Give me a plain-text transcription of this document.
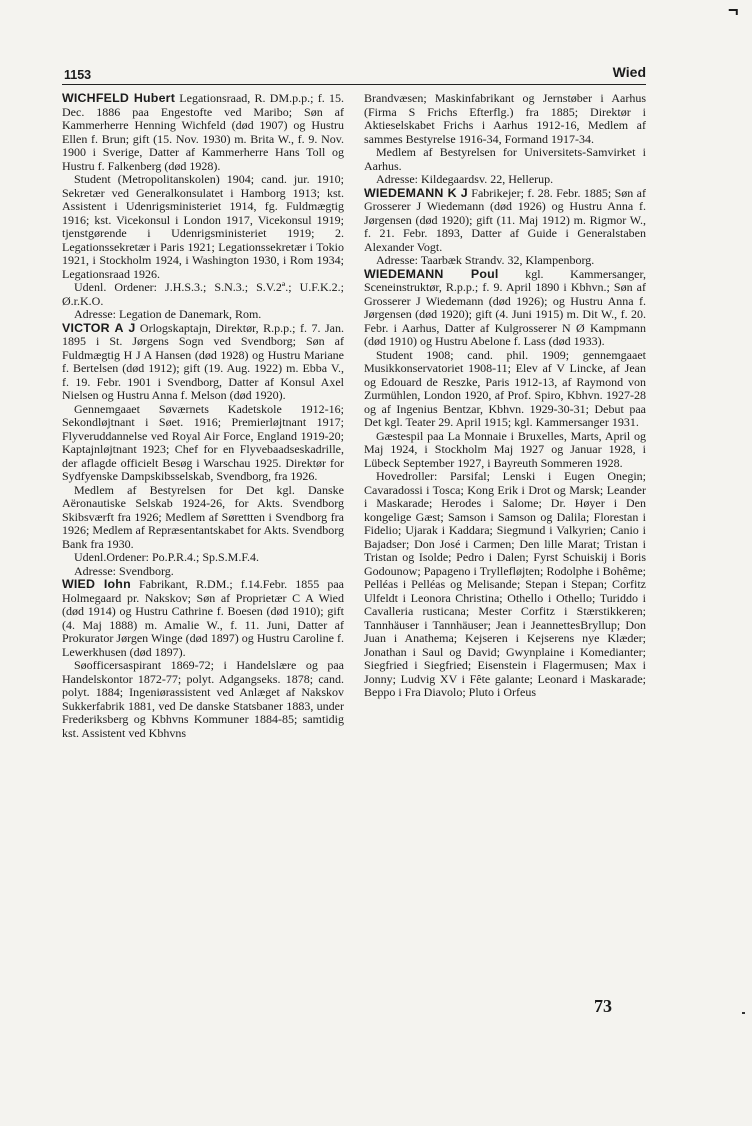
¬
1153	Wied

WICHFELD Hubert Legationsraad, R. DM.p.p.; f. 15. Dec. 1886 paa Engestofte ved Maribo; Søn af Kammerherre Henning Wichfeld (død 1907) og Hustru Ellen f. Brun; gift (15. Nov. 1930) m. Brita W., f. 9. Nov. 1900 i Sverige, Datter af Kammerherre Hans Toll og Hustru f. Falkenberg (død 1928).

Student (Metropolitanskolen) 1904; cand. jur. 1910; Sekretær ved Generalkonsulatet i Hamborg 1913; kst. Assistent i Udenrigsministeriet 1914, fg. Fuldmægtig 1916; kst. Vicekonsul i London 1917, Vicekonsul 1919; tjenstgørende i Udenrigsministeriet 1919; 2. Legationssekretær i Paris 1921; Legationssekretær i Tokio 1921, i Stockholm 1924, i Washington 1930, i Rom 1934; Legationsraad 1926.

Udenl. Ordener: J.H.S.3.; S.N.3.; S.V.2ª.; U.F.K.2.; Ø.r.K.O.

Adresse: Legation de Danemark, Rom.

VICTOR A J Orlogskaptajn, Direktør, R.p.p.; f. 7. Jan. 1895 i St. Jørgens Sogn ved Svendborg; Søn af Fuldmægtig H J A Hansen (død 1928) og Hustru Mariane f. Bertelsen (død 1912); gift (19. Aug. 1922) m. Ebba V., f. 19. Febr. 1901 i Svendborg, Datter af Konsul Axel Nielsen og Hustru Anna f. Melson (død 1920).

Gennemgaaet Søværnets Kadetskole 1912-16; Sekondløjtnant i Søet. 1916; Premierløjtnant 1917; Flyveruddannelse ved Royal Air Force, England 1919-20; Kaptajnløjtnant 1923; Chef for en Flyvebaadseskadrille, der aflagde officielt Besøg i Warschau 1925. Direktør for Sydfyenske Dampskibsselskab, Svendborg, fra 1926.

Medlem af Bestyrelsen for Det kgl. Danske Aëronautiske Selskab 1924-26, for Akts. Svendborg Skibsværft fra 1926; Medlem af Sørettten i Svendborg fra 1926; Medlem af Repræsentantskabet for Akts. Svendborg Bank fra 1930.

Udenl.Ordener: Po.P.R.4.; Sp.S.M.F.4.

Adresse: Svendborg.

WIED Iohn Fabrikant, R.DM.; f.14.Febr. 1855 paa Holmegaard pr. Nakskov; Søn af Proprietær C A Wied (død 1914) og Hustru Cathrine f. Boesen (død 1910); gift (4. Maj 1888) m. Amalie W., f. 11. Juni, Datter af Prokurator Jørgen Winge (død 1897) og Hustru Caroline f. Lewerkhusen (død 1897).

Søofficersaspirant 1869-72; i Handelslære og paa Handelskontor 1872-77; polyt. Adgangseks. 1878; cand. polyt. 1884; Ingeniørassistent ved Anlæget af Nakskov Sukkerfabrik 1881, ved De danske Statsbaner 1883, under Frederiksberg og Kbhvns Kommuner 1884-85; samtidig kst. Assistent ved Kbhvns

Brandvæsen; Maskinfabrikant og Jernstøber i Aarhus (Firma S Frichs Efterflg.) fra 1885; Direktør i Aktieselskabet Frichs i Aarhus 1912-16, Medlem af sammes Bestyrelse 1916-34, Formand 1917-34.

Medlem af Bestyrelsen for Universitets-Samvirket i Aarhus.

Adresse: Kildegaardsv. 22, Hellerup.

WIEDEMANN K J Fabrikejer; f. 28. Febr. 1885; Søn af Grosserer J Wiedemann (død 1926) og Hustru Anna f. Jørgensen (død 1920); gift (11. Maj 1912) m. Rigmor W., f. 21. Febr. 1893, Datter af Guide i Generalstaben Alexander Vogt.

Adresse: Taarbæk Strandv. 32, Klampenborg.

WIEDEMANN Poul kgl. Kammersanger, Sceneinstruktør, R.p.p.; f. 9. April 1890 i Kbhvn.; Søn af Grosserer J Wiedemann (død 1926); og Hustru Anna f. Jørgensen (død 1920); gift (4. Juni 1915) m. Dit W., f. 20. Febr. i Aarhus, Datter af Kulgrosserer N Ø Kampmann (død 1910) og Hustru Abelone f. Lass (død 1933).

Student 1908; cand. phil. 1909; gennemgaaet Musikkonservatoriet 1908-11; Elev af V Lincke, af Jean og Edouard de Reszke, Paris 1912-13, af Raymond von Zurmühlen, London 1920, af Prof. Spiro, Kbhvn. 1927-28 og af Ingenius Bentzar, Kbhvn. 1929-30-31; Debut paa Det kgl. Teater 29. April 1915; kgl. Kammersanger 1931.

Gæstespil paa La Monnaie i Bruxelles, Marts, April og Maj 1924, i Stockholm Maj 1927 og Januar 1928, i Lübeck September 1927, i Bayreuth Sommeren 1928.

Hovedroller: Parsifal; Lenski i Eugen Onegin; Cavaradossi i Tosca; Kong Erik i Drot og Marsk; Leander i Maskarade; Herodes i Salome; Dr. Høyer i Den kongelige Gæst; Samson i Samson og Dalila; Florestan i Fidelio; Ujarak i Kaddara; Siegmund i Valkyrien; Canio i Bajadser; Don José i Carmen; Den lille Marat; Tristan i Tristan og Isolde; Pedro i Dalen; Fyrst Schuiskij i Boris Godounow; Papageno i Tryllefløjten; Rodolphe i Bohême; Pelléas i Pelléas og Melisande; Stepan i Stepan; Corfitz Ulfeldt i Leonora Christina; Othello i Othello; Turiddo i Cavalleria rusticana; Mester Corfitz i Stærstikkeren; Tannhäuser i Tannhäuser; Jean i JeannettesBryllup; Don Juan i Anathema; Kejseren i Kejserens nye Klæder; Jonathan i Saul og David; Gwynplaine i Komedianter; Siegfried i Siegfried; Eisenstein i Flagermusen; Max i Jonny; Ludvig XV i Fête galante; Leonard i Maskarade; Beppo i Fra Diavolo; Pluto i Orfeus

73
